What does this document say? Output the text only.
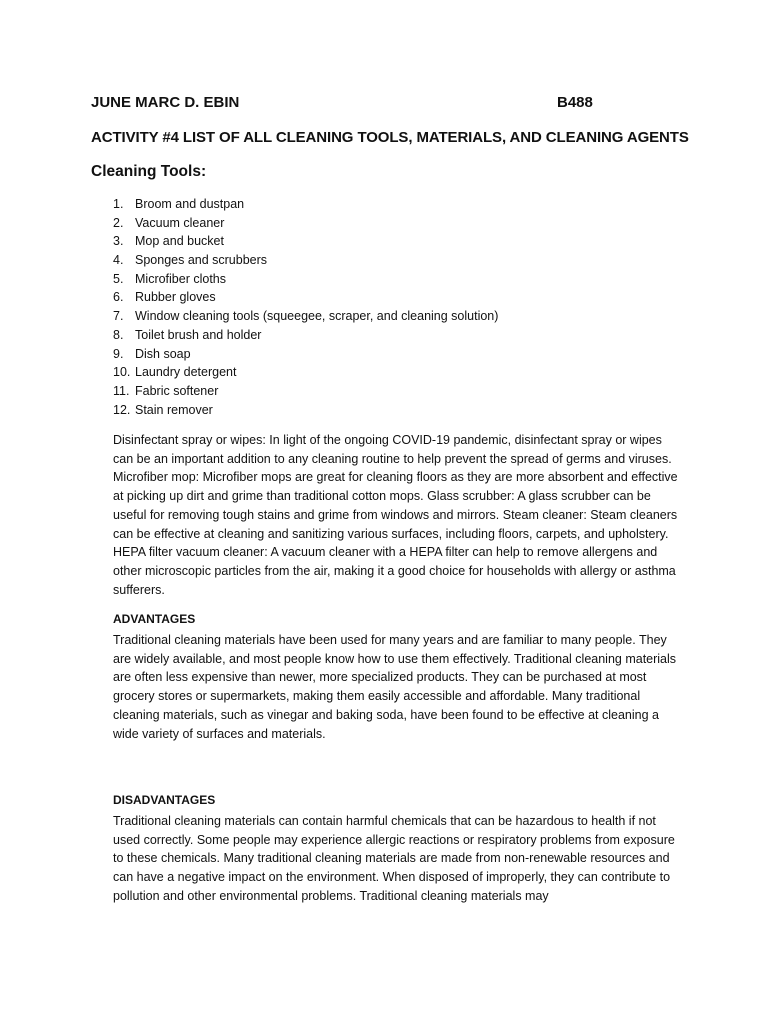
JUNE MARC D. EBIN	B488
ACTIVITY #4 LIST OF ALL CLEANING TOOLS, MATERIALS, AND CLEANING AGENTS
Cleaning Tools:
1. Broom and dustpan
2. Vacuum cleaner
3. Mop and bucket
4. Sponges and scrubbers
5. Microfiber cloths
6. Rubber gloves
7. Window cleaning tools (squeegee, scraper, and cleaning solution)
8. Toilet brush and holder
9. Dish soap
10. Laundry detergent
11. Fabric softener
12. Stain remover

Disinfectant spray or wipes: In light of the ongoing COVID-19 pandemic, disinfectant spray or wipes can be an important addition to any cleaning routine to help prevent the spread of germs and viruses. Microfiber mop: Microfiber mops are great for cleaning floors as they are more absorbent and effective at picking up dirt and grime than traditional cotton mops. Glass scrubber: A glass scrubber can be useful for removing tough stains and grime from windows and mirrors. Steam cleaner: Steam cleaners can be effective at cleaning and sanitizing various surfaces, including floors, carpets, and upholstery. HEPA filter vacuum cleaner: A vacuum cleaner with a HEPA filter can help to remove allergens and other microscopic particles from the air, making it a good choice for households with allergy or asthma sufferers.

ADVANTAGES

Traditional cleaning materials have been used for many years and are familiar to many people. They are widely available, and most people know how to use them effectively. Traditional cleaning materials are often less expensive than newer, more specialized products. They can be purchased at most grocery stores or supermarkets, making them easily accessible and affordable. Many traditional cleaning materials, such as vinegar and baking soda, have been found to be effective at cleaning a wide variety of surfaces and materials.

DISADVANTAGES

Traditional cleaning materials can contain harmful chemicals that can be hazardous to health if not used correctly. Some people may experience allergic reactions or respiratory problems from exposure to these chemicals. Many traditional cleaning materials are made from non-renewable resources and can have a negative impact on the environment. When disposed of improperly, they can contribute to pollution and other environmental problems. Traditional cleaning materials may
